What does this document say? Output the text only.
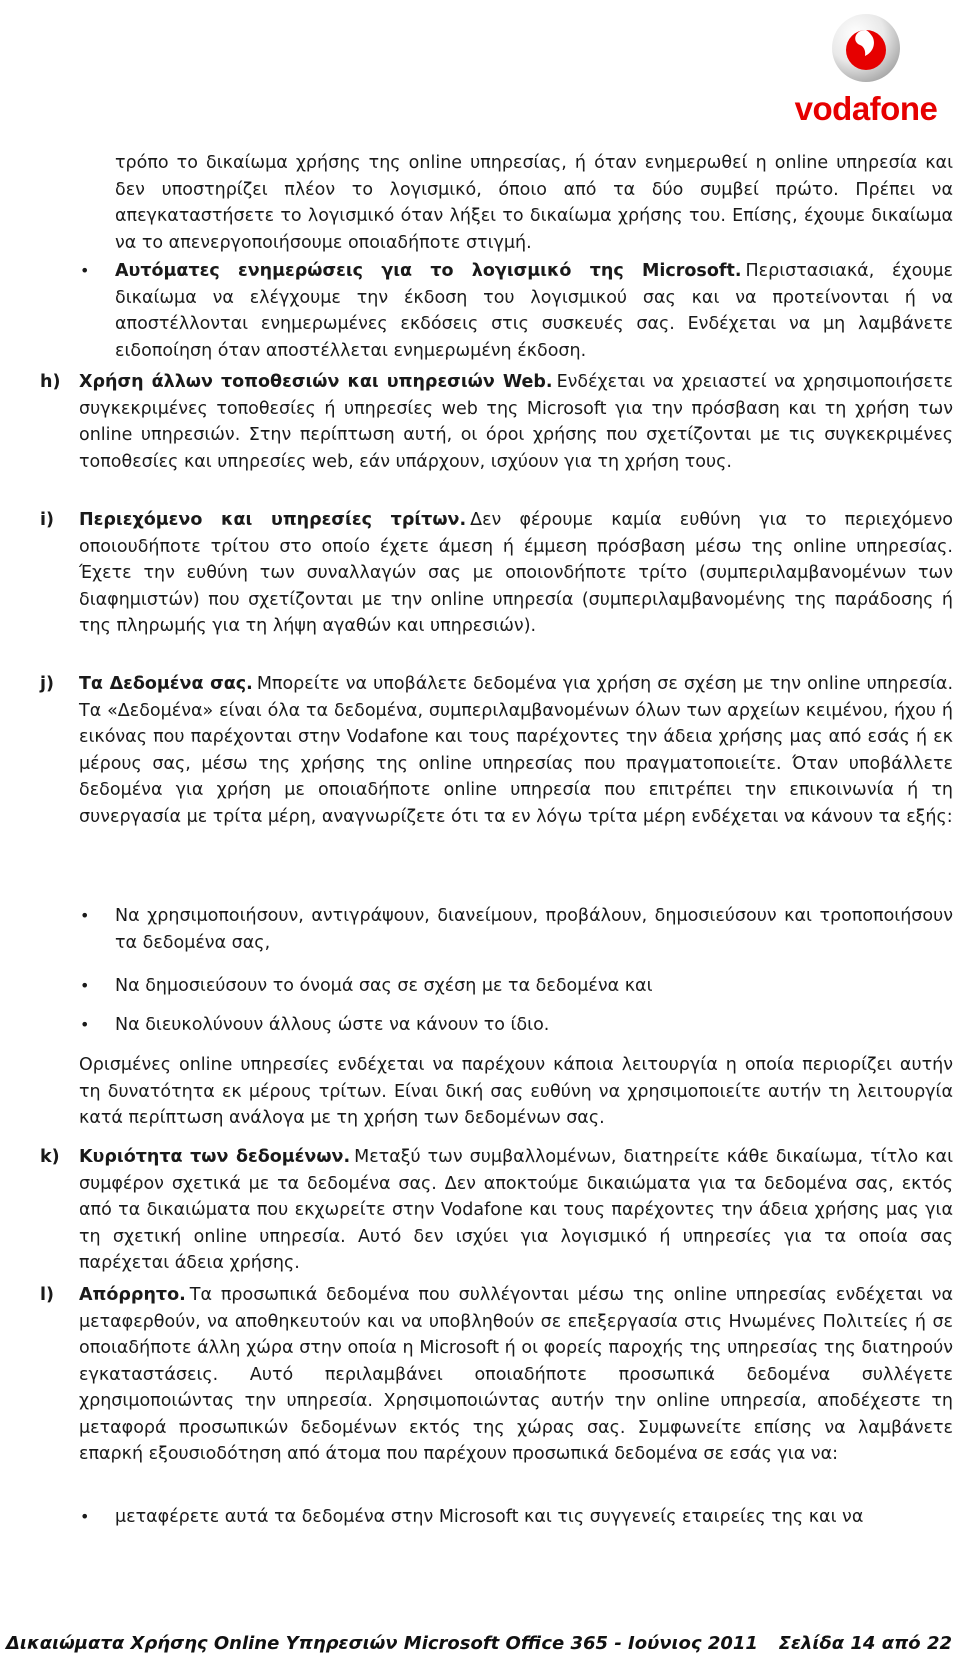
vodafone

τρόπο το δικαίωμα χρήσης της online υπηρεσίας, ή όταν ενημερωθεί η online υπηρεσία και δεν υποστηρίζει πλέον το λογισμικό, όποιο από τα δύο συμβεί πρώτο. Πρέπει να απεγκαταστήσετε το λογισμικό όταν λήξει το δικαίωμα χρήσης του. Επίσης, έχουμε δικαίωμα να το απενεργοποιήσουμε οποιαδήποτε στιγμή.

• Αυτόματες ενημερώσεις για το λογισμικό της Microsoft. Περιστασιακά, έχουμε δικαίωμα να ελέγχουμε την έκδοση του λογισμικού σας και να προτείνονται ή να αποστέλλονται ενημερωμένες εκδόσεις στις συσκευές σας. Ενδέχεται να μη λαμβάνετε ειδοποίηση όταν αποστέλλεται ενημερωμένη έκδοση.

h) Χρήση άλλων τοποθεσιών και υπηρεσιών Web. Ενδέχεται να χρειαστεί να χρησιμοποιήσετε συγκεκριμένες τοποθεσίες ή υπηρεσίες web της Microsoft για την πρόσβαση και τη χρήση των online υπηρεσιών. Στην περίπτωση αυτή, οι όροι χρήσης που σχετίζονται με τις συγκεκριμένες τοποθεσίες και υπηρεσίες web, εάν υπάρχουν, ισχύουν για τη χρήση τους.

i) Περιεχόμενο και υπηρεσίες τρίτων. Δεν φέρουμε καμία ευθύνη για το περιεχόμενο οποιουδήποτε τρίτου στο οποίο έχετε άμεση ή έμμεση πρόσβαση μέσω της online υπηρεσίας. Έχετε την ευθύνη των συναλλαγών σας με οποιονδήποτε τρίτο (συμπεριλαμβανομένων των διαφημιστών) που σχετίζονται με την online υπηρεσία (συμπεριλαμβανομένης της παράδοσης ή της πληρωμής για τη λήψη αγαθών και υπηρεσιών).

j) Τα Δεδομένα σας. Μπορείτε να υποβάλετε δεδομένα για χρήση σε σχέση με την online υπηρεσία. Τα «Δεδομένα» είναι όλα τα δεδομένα, συμπεριλαμβανομένων όλων των αρχείων κειμένου, ήχου ή εικόνας που παρέχονται στην Vodafone και τους παρέχοντες την άδεια χρήσης μας από εσάς ή εκ μέρους σας, μέσω της χρήσης της online υπηρεσίας που πραγματοποιείτε. Όταν υποβάλλετε δεδομένα για χρήση με οποιαδήποτε online υπηρεσία που επιτρέπει την επικοινωνία ή τη συνεργασία με τρίτα μέρη, αναγνωρίζετε ότι τα εν λόγω τρίτα μέρη ενδέχεται να κάνουν τα εξής:

• Να χρησιμοποιήσουν, αντιγράψουν, διανείμουν, προβάλουν, δημοσιεύσουν και τροποποιήσουν τα δεδομένα σας,

• Να δημοσιεύσουν το όνομά σας σε σχέση με τα δεδομένα και

• Να διευκολύνουν άλλους ώστε να κάνουν το ίδιο.

Ορισμένες online υπηρεσίες ενδέχεται να παρέχουν κάποια λειτουργία η οποία περιορίζει αυτήν τη δυνατότητα εκ μέρους τρίτων. Είναι δική σας ευθύνη να χρησιμοποιείτε αυτήν τη λειτουργία κατά περίπτωση ανάλογα με τη χρήση των δεδομένων σας.

k) Κυριότητα των δεδομένων. Μεταξύ των συμβαλλομένων, διατηρείτε κάθε δικαίωμα, τίτλο και συμφέρον σχετικά με τα δεδομένα σας. Δεν αποκτούμε δικαιώματα για τα δεδομένα σας, εκτός από τα δικαιώματα που εκχωρείτε στην Vodafone και τους παρέχοντες την άδεια χρήσης μας για τη σχετική online υπηρεσία. Αυτό δεν ισχύει για λογισμικό ή υπηρεσίες για τα οποία σας παρέχεται άδεια χρήσης.

l) Απόρρητο. Τα προσωπικά δεδομένα που συλλέγονται μέσω της online υπηρεσίας ενδέχεται να μεταφερθούν, να αποθηκευτούν και να υποβληθούν σε επεξεργασία στις Ηνωμένες Πολιτείες ή σε οποιαδήποτε άλλη χώρα στην οποία η Microsoft ή οι φορείς παροχής της υπηρεσίας της διατηρούν εγκαταστάσεις. Αυτό περιλαμβάνει οποιαδήποτε προσωπικά δεδομένα συλλέγετε χρησιμοποιώντας την υπηρεσία. Χρησιμοποιώντας αυτήν την online υπηρεσία, αποδέχεστε τη μεταφορά προσωπικών δεδομένων εκτός της χώρας σας. Συμφωνείτε επίσης να λαμβάνετε επαρκή εξουσιοδότηση από άτομα που παρέχουν προσωπικά δεδομένα σε εσάς για να:

• μεταφέρετε αυτά τα δεδομένα στην Microsoft και τις συγγενείς εταιρείες της και να

Δικαιώματα Χρήσης Online Υπηρεσιών Microsoft Office 365 - Ιούνιος 2011 Σελίδα 14 από 22
